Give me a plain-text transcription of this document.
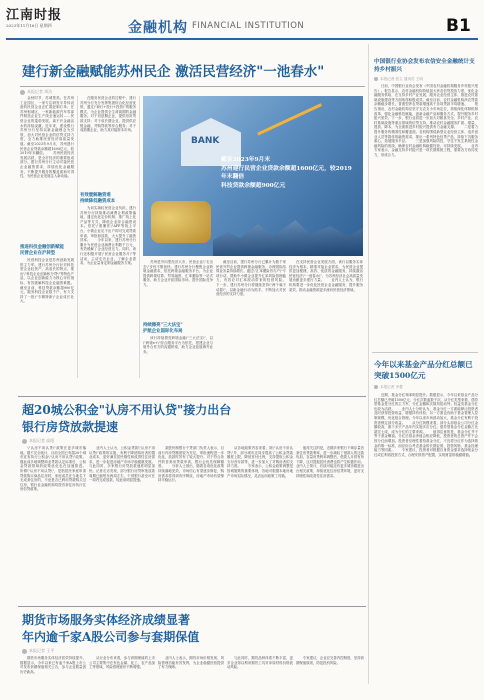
江南时报
2023年11月16日 星期四	金融机构 FINANCIAL INSTITUTION	B1
建行新金融赋能苏州民企 激活民营经济"一池春水"
本报记者 周洁
　　金秋时节，苏城景美。在苏州工业园区，一家专注研发半导体设备的民营企业正忙着赶制订单；在苏州相城区，一家新能源汽车零部件制造企业生产线全速运转……民营企业的蓬勃发展，离不开金融活水的持续浇灌。近年来，建设银行苏州分行坚持以新金融理念为引领，加大对民营企业的信贷支持力度，全力助推民营经济高质量发展。截至2023年9月末，苏州建行民营企业贷款余额超1600亿元，较2019年末翻倍。　　苏州民营经济发展活跃，是全市经济的重要组成部分。建行苏州分行主动对接民营企业融资需求，持续优化金融服务，不断提升服务的覆盖面和可得性，为民营企业发展注入新动能。
推进科技金融创新赋能
民营企业在沪转型
　　民营科技企业是苏州创新发展的主力军。建行苏州分行针对科技型企业轻资产、高成长的特点，推出\"科技企业创新积分贷\"等特色产品，以企业创新能力为核心评价指标，有效破解科技企业融资难题。截至目前，科技贷款余额超900亿元，服务科技企业数千户，有力支持了一批\"专精特新\"企业成长壮大。
　　在服务民营企业的过程中，建行苏州分行充分发挥集团综合化经营优势，通过\"商行+投行+投资\"的服务模式，为企业提供全生命周期的金融服务。对于初创期企业，提供信用贷款支持；对于成长期企业，提供供应链金融、并购贷款等综合服务；对于成熟期企业，助力其对接资本市场。
有效缓解融资难
持续降低融资成本
　　为切实减轻民营企业负担，建行苏州分行持续推动减费让利政策落地，通过优化定价机制、推广线上化产品等方式，降低企业综合融资成本。依托\"惠懂你\"APP等线上平台，小微企业足不出户即可完成贷款申请、审批和放款，大大提升了融资效率。　　今年以来，建行苏州分行累计为民营企业减费让利数千万元，有效缓解了企业经营压力。同时，该行还积极开展\"民营企业服务月\"等活动，主动走访企业，了解企业需求，为企业量身定制金融服务方案。
BANK
截至2023年9月末
苏州建行民营企业贷款余额超1600亿元，较2019年末翻倍
科技贷款余额超900亿元
　　苏州是外向型经济大市，民营企业\"走出去\"步伐不断加快。建行苏州分行聚焦企业跨境金融需求，依托跨境金融服务平台，为企业提供跨境结算、贸易融资、汇率避险等一站式服务，助力企业开拓国际市场，提升国际竞争力。
持续擦亮"三大法宝"
护航企业国际化布局
　　该行持续擦亮跨境金融\"三大法宝\"，以\"跨境e+\"综合服务平台为依托，搭建企业与境外合作方的沟通桥梁，助力企业拓展海外业务。
　　截至目前，建行苏州分行已累计为数千家民营外贸企业提供跨境金融服务，办理国际结算业务量持续增长。通过\"汇率避险首办户\"专项行动，帮助中小微企业提升汇率风险管理能力，有效应对汇率波动带来的经营风险。　　下一步，建行苏州分行将继续坚持\"两个毫不动摇\"，以新金融行动为抓手，不断加大对民营经济的支持力度。
　　在支持民营企业发展方面，该行以服务实体经济为根本，精准对接企业需求，为民营企业提供更加便捷、高效、优质的金融服务，持续激活民营经济\"一池春水\"，为苏州经济社会高质量发展贡献更多建行力量。　　业内人士认为，银行机构要进一步优化民营企业金融服务，提升服务质效，推动金融资源更多流向民营经济领域。
中国银行业协会发布农信安全金融统计支持乡村振兴
本报记者 张立 通讯员 王明
　　日前，中国银行业协会发布《中国农村金融机构服务乡村振兴报告》。报告显示，农村金融机构持续加大涉农信贷投放力度，优化金融服务供给，在支持乡村产业发展、服务农业经营主体、推进农村基础设施建设等方面取得积极成效。截至目前，农村金融机构涉农贷款余额稳步增长，普惠型涉农贷款增速高于各项贷款平均增速。　　报告指出，农村金融机构应坚守支农支小市场定位，持续深化体制机制改革，强化金融科技赋能，创新金融产品和服务方式，提升服务乡村振兴质效。下一步，银行业将进一步加大对粮食安全、乡村产业、农村基础设施等重点领域的信贷支持，推动农村金融服务扩面、增量、提质、降本，为全面推进乡村振兴提供有力金融支撑。　　二是着力提升服务的精准性和覆盖面。各机构围绕新型农业经营主体、返乡创业人员等群体的融资需求，推出一系列特色信贷产品，持续下沉服务重心，拓展服务半径。　　三是加强风险防控，守住不发生系统性金融风险的底线，确保农村金融机构稳健经营、可持续发展。　　业内专家表示，金融支持乡村振兴是一项长期系统工程，需要各方协同发力，形成合力。
今年以来基金产品分红总额已突破1500亿元
本报记者 李慧
　　近期，基金分红频率明显提升。数据显示，今年以来基金产品分红总额已突破1500亿元，分红次数逾数千次。从分红类型来看，债券型基金是分红的主力军，分红金额和次数均居前列；权益类基金分红也较为活跃。　　业内人士分析认为，基金分红一方面能够让投资者及时获得投资收益，增强持有体验；另一方面也有助于基金管理人控制规模、优化组合管理。今年以来市场波动加大，基金分红有利于投资者锁定部分收益。　　从分红规模来看，部分头部基金公司分红金额较高，旗下多只产品年内实施多次分红。债券型基金分红金额占比超过七成，成为分红的主要来源。　　值得注意的是，基金分红并不等于基金赚钱。分红后基金净值会相应降低，投资者的总资产并不会因分红而增加。投资者应理性看待基金分红，不宜将分红作为选择基金的唯一标准，而应综合考虑基金的长期业绩、投资风格、基金经理能力等因素。　　专家建议，投资者可根据自身资金需求选择现金分红或红利再投资方式，合理安排资产配置，实现财富的稳健增值。
超20城公积金"认房不用认贷"接力出台
银行房贷放款提速
本报记者 高阳
　　\"认房不用认贷\"政策在更多城市落地。据不完全统计，目前全国已有超20个城市宣布执行公积金\"认房不用认贷\"政策。继此前多地调整商业贷款认定标准后，公积金贷款领域的政策优化也在加速推进。　　所谓\"认房不用认贷\"，是指居民家庭申请贷款购买商品住房时，家庭成员在当地名下无成套住房的，不论是否已利用贷款购买过住房，银行业金融机构均按首套住房执行住房信贷政策。
　　业内人士认为，公积金贷款\"认房不用认贷\"政策的实施，有利于降低购房者的置业成本，更好满足居民刚性和改善性住房需求，进一步促进房地产市场平稳健康发展。　　与此同时，多家银行房贷放款速度明显加快。记者走访发现，部分银行房贷审批放款周期已缩短至两周左右，个别银行甚至可在一周内完成放款，较此前明显提速。
　　某股份制银行个贷部门负责人表示，目前行内房贷额度较为充足，审批流程进一步优化，放款时效有了较大提升。对于符合条件的首套房贷款申请，银行会优先保障额度。　　分析人士指出，随着各项优化政策持续落地见效，市场信心有望逐步修复，购房需求将得到有序释放，房地产市场有望保持平稳运行。
　　从各地政策内容来看，除\"认房不用认贷\"外，部分城市还同步提高了公积金贷款额度上限，降低首付比例，支持提取公积金支付首付款等，进一步加大了对购房者的支持力度。　　专家表示，公积金政策调整是因城施策的重要体现，各地可根据本地房地产市场实际情况，灵活运用政策工具箱。
　　值得关注的是，近期多家银行下调存量首套住房贷款利率，进一步减轻了借款人的还款负担。存量房贷利率调整后，借款人月供有所下降，这对提振居民消费也将产生积极作用。　　业内人士预计，后续可能还有更多城市跟进出台相关政策，持续优化住房信贷环境，更好支持刚性和改善性住房需求。
期货市场服务实体经济成绩显著
年内逾千家A股公司参与套期保值
本报记者 王平
　　期货市场服务实体经济质效持续提升。数据显示，今年以来已有逾千家A股上市公司发布套期保值相关公告，参与企业数量创历史新高。
　　从行业分布来看，参与套期保值的上市公司主要集中在有色金属、化工、农产品加工等领域，风险管理意识不断增强。
　　业内人士表示，期货市场价格发现、风险管理功能有效发挥，为企业稳健经营提供了有力保障。
　　与此同时，期货品种体系不断丰富，更多企业得以利用期货工具对冲原材料价格波动风险。
　　专家建议，企业应完善内控制度，坚持套期保值原则，防范投机风险。
